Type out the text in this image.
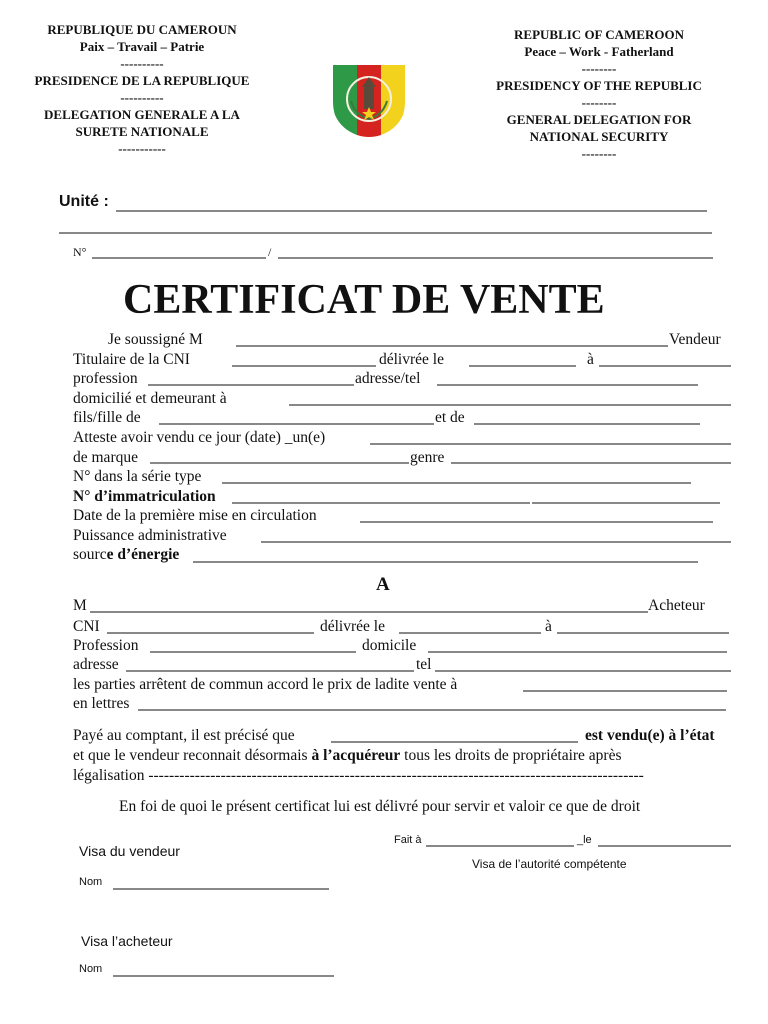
REPUBLIQUE DU CAMEROUN
Paix – Travail – Patrie
----------
PRESIDENCE DE LA REPUBLIQUE
----------
DELEGATION GENERALE A LA
SURETE NATIONALE
-----------
REPUBLIC OF CAMEROON
Peace – Work - Fatherland
--------
PRESIDENCY OF THE REPUBLIC
--------
GENERAL DELEGATION FOR
NATIONAL SECURITY
--------
Unité :
N°	/
CERTIFICAT DE VENTE
Je soussigné M	Vendeur
Titulaire de la CNI	délivrée le	à
profession	adresse/tel
domicilié et demeurant à
fils/fille de	et de
Atteste avoir vendu ce jour (date) _un(e)
de marque	genre
N° dans la série type
N° d’immatriculation
Date de la première mise en circulation
Puissance administrative
source d’énergie
A
M	Acheteur
CNI	délivrée le	à
Profession	domicile
adresse	tel
les parties arrêtent de commun accord le prix de ladite vente à
en lettres
Payé au comptant, il est précisé que	est vendu(e) à l’état
et que le vendeur reconnait désormais à l’acquéreur tous les droits de propriétaire après
légalisation ------------------------------------------------------------------------------------------------
En foi de quoi le présent certificat lui est délivré pour servir et valoir ce que de droit
Fait à	_le
Visa de l’autorité compétente
Visa du vendeur
Nom
Visa l’acheteur
Nom
